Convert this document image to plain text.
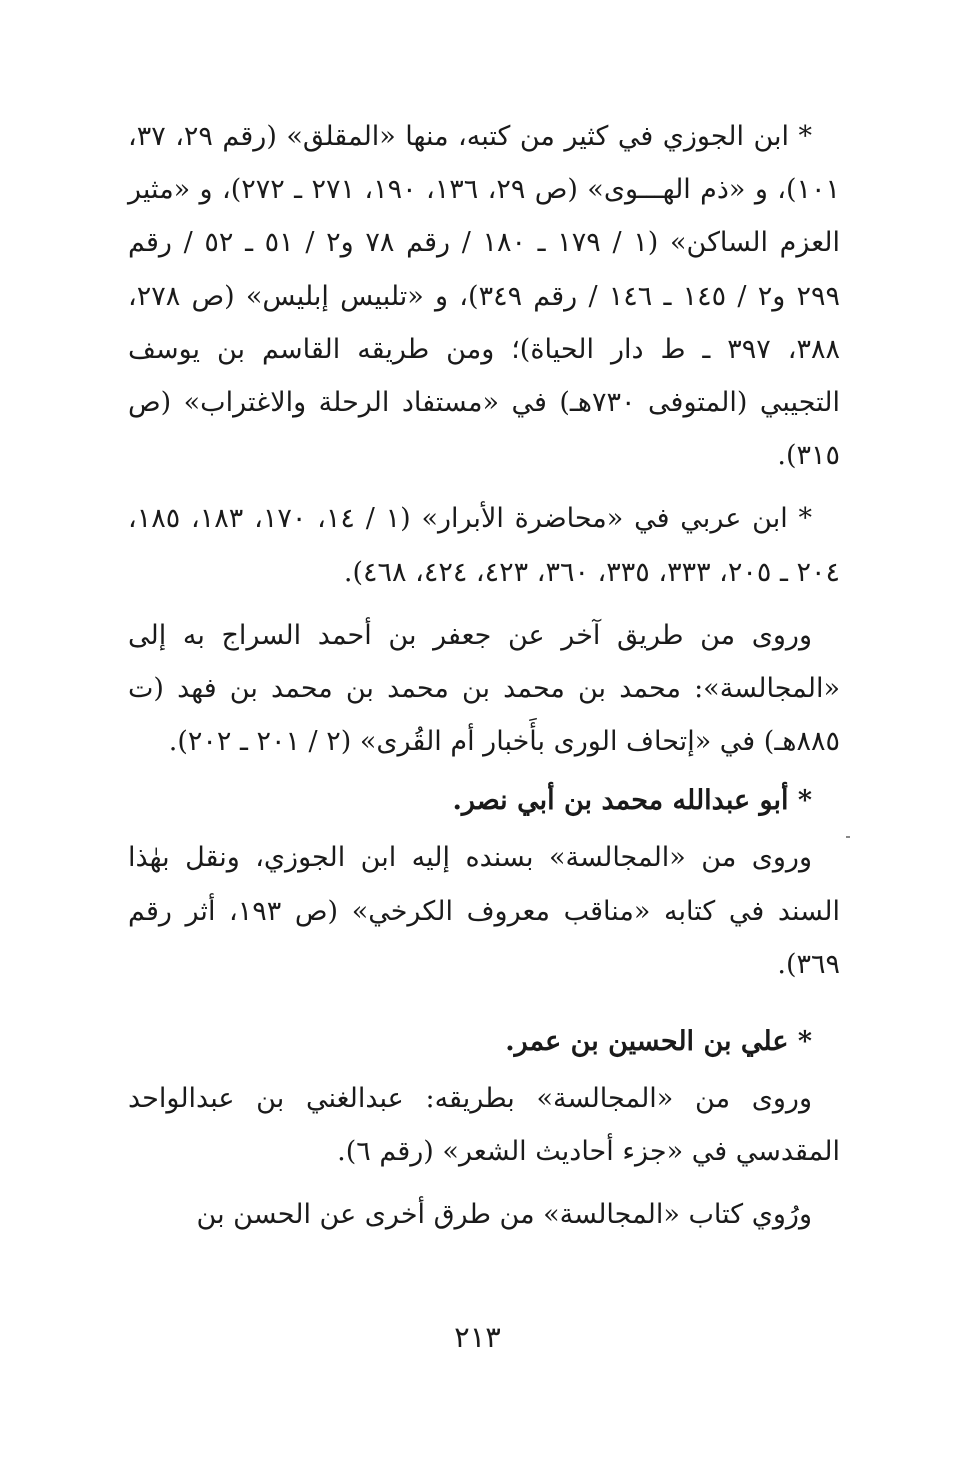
* ابن الجوزي في كثير من كتبه، منها «المقلق» (رقم ٢٩، ٣٧، ١٠١)، و «ذم الهـــوى» (ص ٢٩، ١٣٦، ١٩٠، ٢٧١ ـ ٢٧٢)، و «مثير العزم الساكن» (١ / ١٧٩ ـ ١٨٠ / رقم ٧٨ و٢ / ٥١ ـ ٥٢ / رقم ٢٩٩ و٢ / ١٤٥ ـ ١٤٦ / رقم ٣٤٩)، و «تلبيس إبليس» (ص ٢٧٨، ٣٨٨، ٣٩٧ ـ ط دار الحياة)؛ ومن طريقه القاسم بن يوسف التجيبي (المتوفى ٧٣٠هـ) في «مستفاد الرحلة والاغتراب» (ص ٣١٥).

* ابن عربي في «محاضرة الأبرار» (١ / ١٤، ١٧٠، ١٨٣، ١٨٥، ٢٠٤ ـ ٢٠٥، ٣٣٣، ٣٣٥، ٣٦٠، ٤٢٣، ٤٢٤، ٤٦٨).

وروى من طريق آخر عن جعفر بن أحمد السراج به إلى «المجالسة»: محمد بن محمد بن محمد بن محمد بن فهد (ت ٨٨٥هـ) في «إتحاف الورى بأَخبار أم القُرى» (٢ / ٢٠١ ـ ٢٠٢).

* أبو عبدالله محمد بن أبي نصر.

وروى من «المجالسة» بسنده إليه ابن الجوزي، ونقل بهٰذا السند في كتابه «مناقب معروف الكرخي» (ص ١٩٣، أثر رقم ٣٦٩).

* علي بن الحسين بن عمر.

وروى من «المجالسة» بطريقه: عبدالغني بن عبدالواحد المقدسي في «جزء أحاديث الشعر» (رقم ٦).

ورُوي كتاب «المجالسة» من طرق أخرى عن الحسن بن

٢١٣
